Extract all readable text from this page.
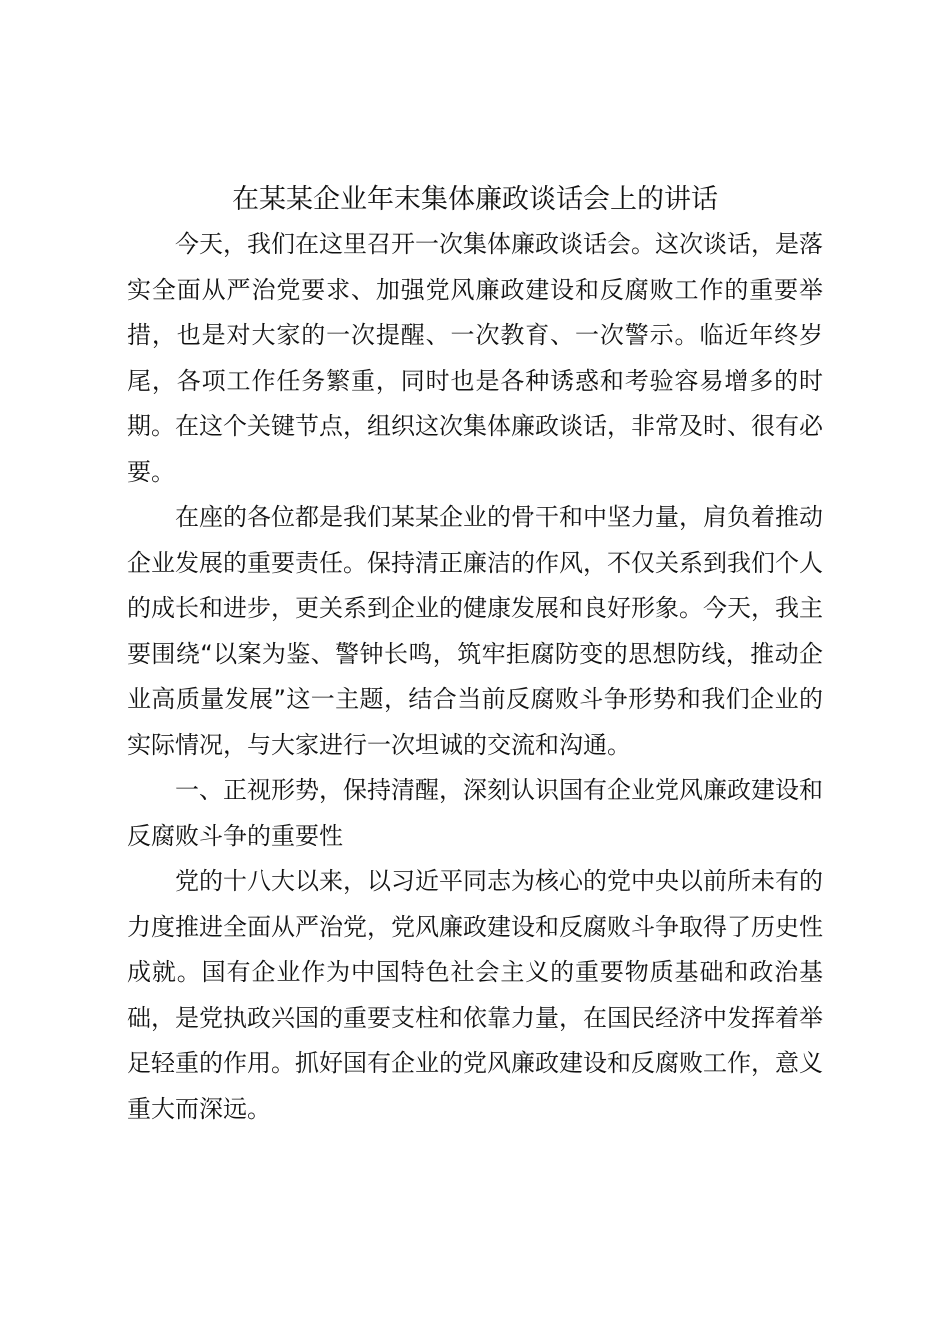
在某某企业年末集体廉政谈话会上的讲话

今天，我们在这里召开一次集体廉政谈话会。这次谈话，是落实全面从严治党要求、加强党风廉政建设和反腐败工作的重要举措，也是对大家的一次提醒、一次教育、一次警示。临近年终岁尾，各项工作任务繁重，同时也是各种诱惑和考验容易增多的时期。在这个关键节点，组织这次集体廉政谈话，非常及时、很有必要。

在座的各位都是我们某某企业的骨干和中坚力量，肩负着推动企业发展的重要责任。保持清正廉洁的作风，不仅关系到我们个人的成长和进步，更关系到企业的健康发展和良好形象。今天，我主要围绕“以案为鉴、警钟长鸣，筑牢拒腐防变的思想防线，推动企业高质量发展”这一主题，结合当前反腐败斗争形势和我们企业的实际情况，与大家进行一次坦诚的交流和沟通。

一、正视形势，保持清醒，深刻认识国有企业党风廉政建设和反腐败斗争的重要性

党的十八大以来，以习近平同志为核心的党中央以前所未有的力度推进全面从严治党，党风廉政建设和反腐败斗争取得了历史性成就。国有企业作为中国特色社会主义的重要物质基础和政治基础，是党执政兴国的重要支柱和依靠力量，在国民经济中发挥着举足轻重的作用。抓好国有企业的党风廉政建设和反腐败工作，意义重大而深远。
